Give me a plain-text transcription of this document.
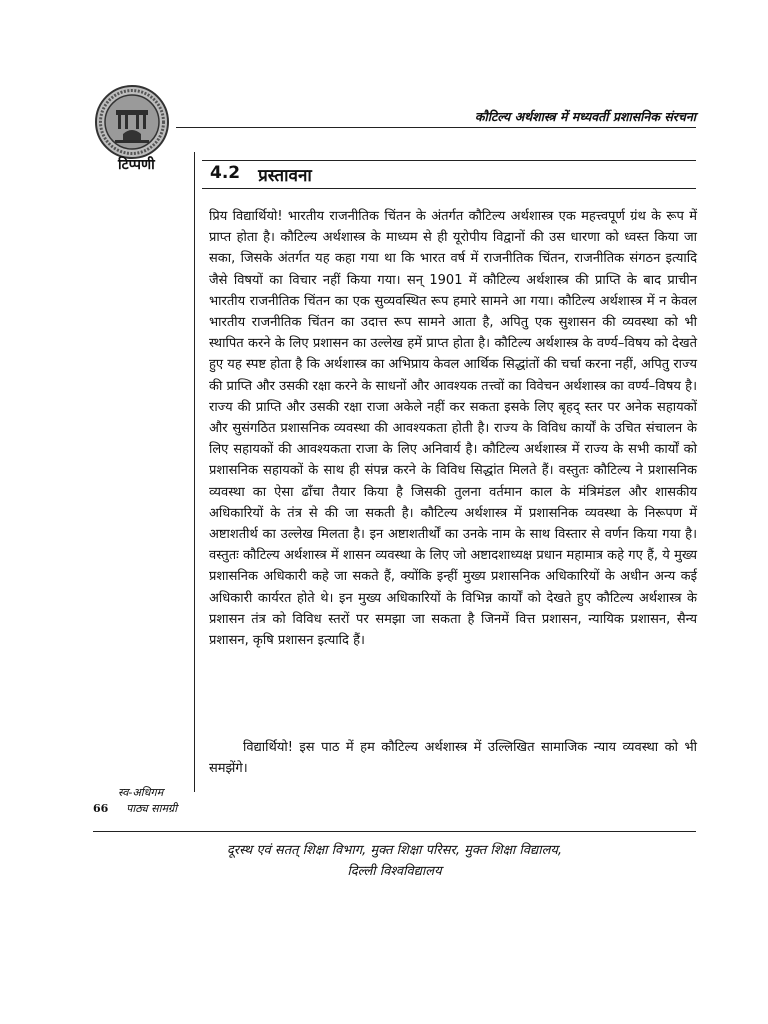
कौटिल्य अर्थशास्त्र में मध्यवर्ती प्रशासनिक संरचना
टिप्पणी	4.2 प्रस्तावना

प्रिय विद्यार्थियो! भारतीय राजनीतिक चिंतन के अंतर्गत कौटिल्य अर्थशास्त्र एक महत्त्वपूर्ण ग्रंथ के रूप में प्राप्त होता है। कौटिल्य अर्थशास्त्र के माध्यम से ही यूरोपीय विद्वानों की उस धारणा को ध्वस्त किया जा सका, जिसके अंतर्गत यह कहा गया था कि भारत वर्ष में राजनीतिक चिंतन, राजनीतिक संगठन इत्यादि जैसे विषयों का विचार नहीं किया गया। सन् 1901 में कौटिल्य अर्थशास्त्र की प्राप्ति के बाद प्राचीन भारतीय राजनीतिक चिंतन का एक सुव्यवस्थित रूप हमारे सामने आ गया। कौटिल्य अर्थशास्त्र में न केवल भारतीय राजनीतिक चिंतन का उदात्त रूप सामने आता है, अपितु एक सुशासन की व्यवस्था को भी स्थापित करने के लिए प्रशासन का उल्लेख हमें प्राप्त होता है। कौटिल्य अर्थशास्त्र के वर्ण्य–विषय को देखते हुए यह स्पष्ट होता है कि अर्थशास्त्र का अभिप्राय केवल आर्थिक सिद्धांतों की चर्चा करना नहीं, अपितु राज्य की प्राप्ति और उसकी रक्षा करने के साधनों और आवश्यक तत्त्वों का विवेचन अर्थशास्त्र का वर्ण्य–विषय है। राज्य की प्राप्ति और उसकी रक्षा राजा अकेले नहीं कर सकता इसके लिए बृहद् स्तर पर अनेक सहायकों और सुसंगठित प्रशासनिक व्यवस्था की आवश्यकता होती है। राज्य के विविध कार्यों के उचित संचालन के लिए सहायकों की आवश्यकता राजा के लिए अनिवार्य है। कौटिल्य अर्थशास्त्र में राज्य के सभी कार्यों को प्रशासनिक सहायकों के साथ ही संपन्न करने के विविध सिद्धांत मिलते हैं। वस्तुतः कौटिल्य ने प्रशासनिक व्यवस्था का ऐसा ढाँचा तैयार किया है जिसकी तुलना वर्तमान काल के मंत्रिमंडल और शासकीय अधिकारियों के तंत्र से की जा सकती है। कौटिल्य अर्थशास्त्र में प्रशासनिक व्यवस्था के निरूपण में अष्टाशतीर्थ का उल्लेख मिलता है। इन अष्टाशतीर्थों का उनके नाम के साथ विस्तार से वर्णन किया गया है। वस्तुतः कौटिल्य अर्थशास्त्र में शासन व्यवस्था के लिए जो अष्टादशाध्यक्ष प्रधान महामात्र कहे गए हैं, ये मुख्य प्रशासनिक अधिकारी कहे जा सकते हैं, क्योंकि इन्हीं मुख्य प्रशासनिक अधिकारियों के अधीन अन्य कई अधिकारी कार्यरत होते थे। इन मुख्य अधिकारियों के विभिन्न कार्यों को देखते हुए कौटिल्य अर्थशास्त्र के प्रशासन तंत्र को विविध स्तरों पर समझा जा सकता है जिनमें वित्त प्रशासन, न्यायिक प्रशासन, सैन्य प्रशासन, कृषि प्रशासन इत्यादि हैं।

विद्यार्थियो! इस पाठ में हम कौटिल्य अर्थशास्त्र में उल्लिखित सामाजिक न्याय व्यवस्था को भी समझेंगे।

स्व-अधिगम
66 पाठ्य सामग्री
दूरस्थ एवं सतत् शिक्षा विभाग, मुक्त शिक्षा परिसर, मुक्त शिक्षा विद्यालय,
दिल्ली विश्वविद्यालय
